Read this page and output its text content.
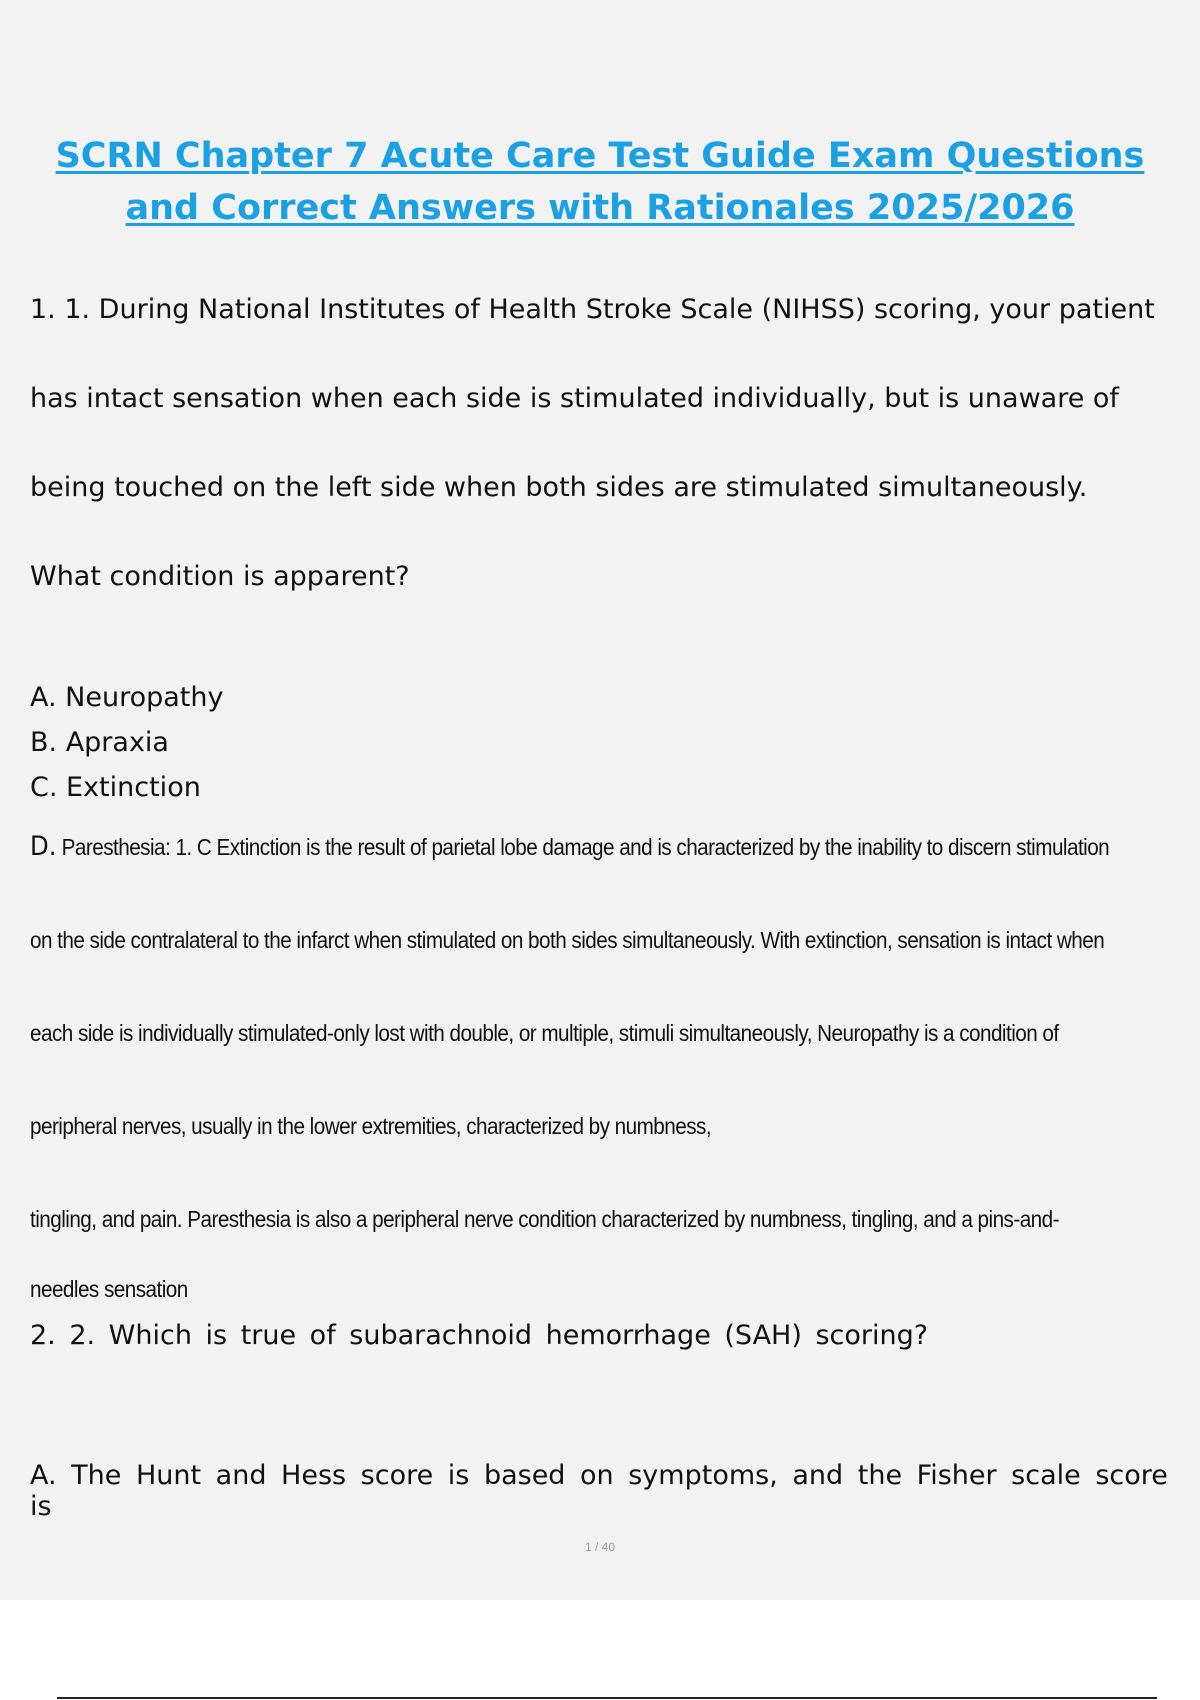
SCRN Chapter 7 Acute Care Test Guide Exam Questions
and Correct Answers with Rationales 2025/2026

1. 1. During National Institutes of Health Stroke Scale (NIHSS) scoring, your patient

has intact sensation when each side is stimulated individually, but is unaware of

being touched on the left side when both sides are stimulated simultaneously.

What condition is apparent?

A. Neuropathy
B. Apraxia
C. Extinction

D. Paresthesia: 1. C Extinction is the result of parietal lobe damage and is characterized by the inability to discern stimulation

on the side contralateral to the infarct when stimulated on both sides simultaneously. With extinction, sensation is intact when

each side is individually stimulated-only lost with double, or multiple, stimuli simultaneously, Neuropathy is a condition of

peripheral nerves, usually in the lower extremities, characterized by numbness,

tingling, and pain. Paresthesia is also a peripheral nerve condition characterized by numbness, tingling, and a pins-and-

needles sensation

2. 2. Which is true of subarachnoid hemorrhage (SAH) scoring?
A. The Hunt and Hess score is based on symptoms, and the Fisher scale score is
1 / 40
